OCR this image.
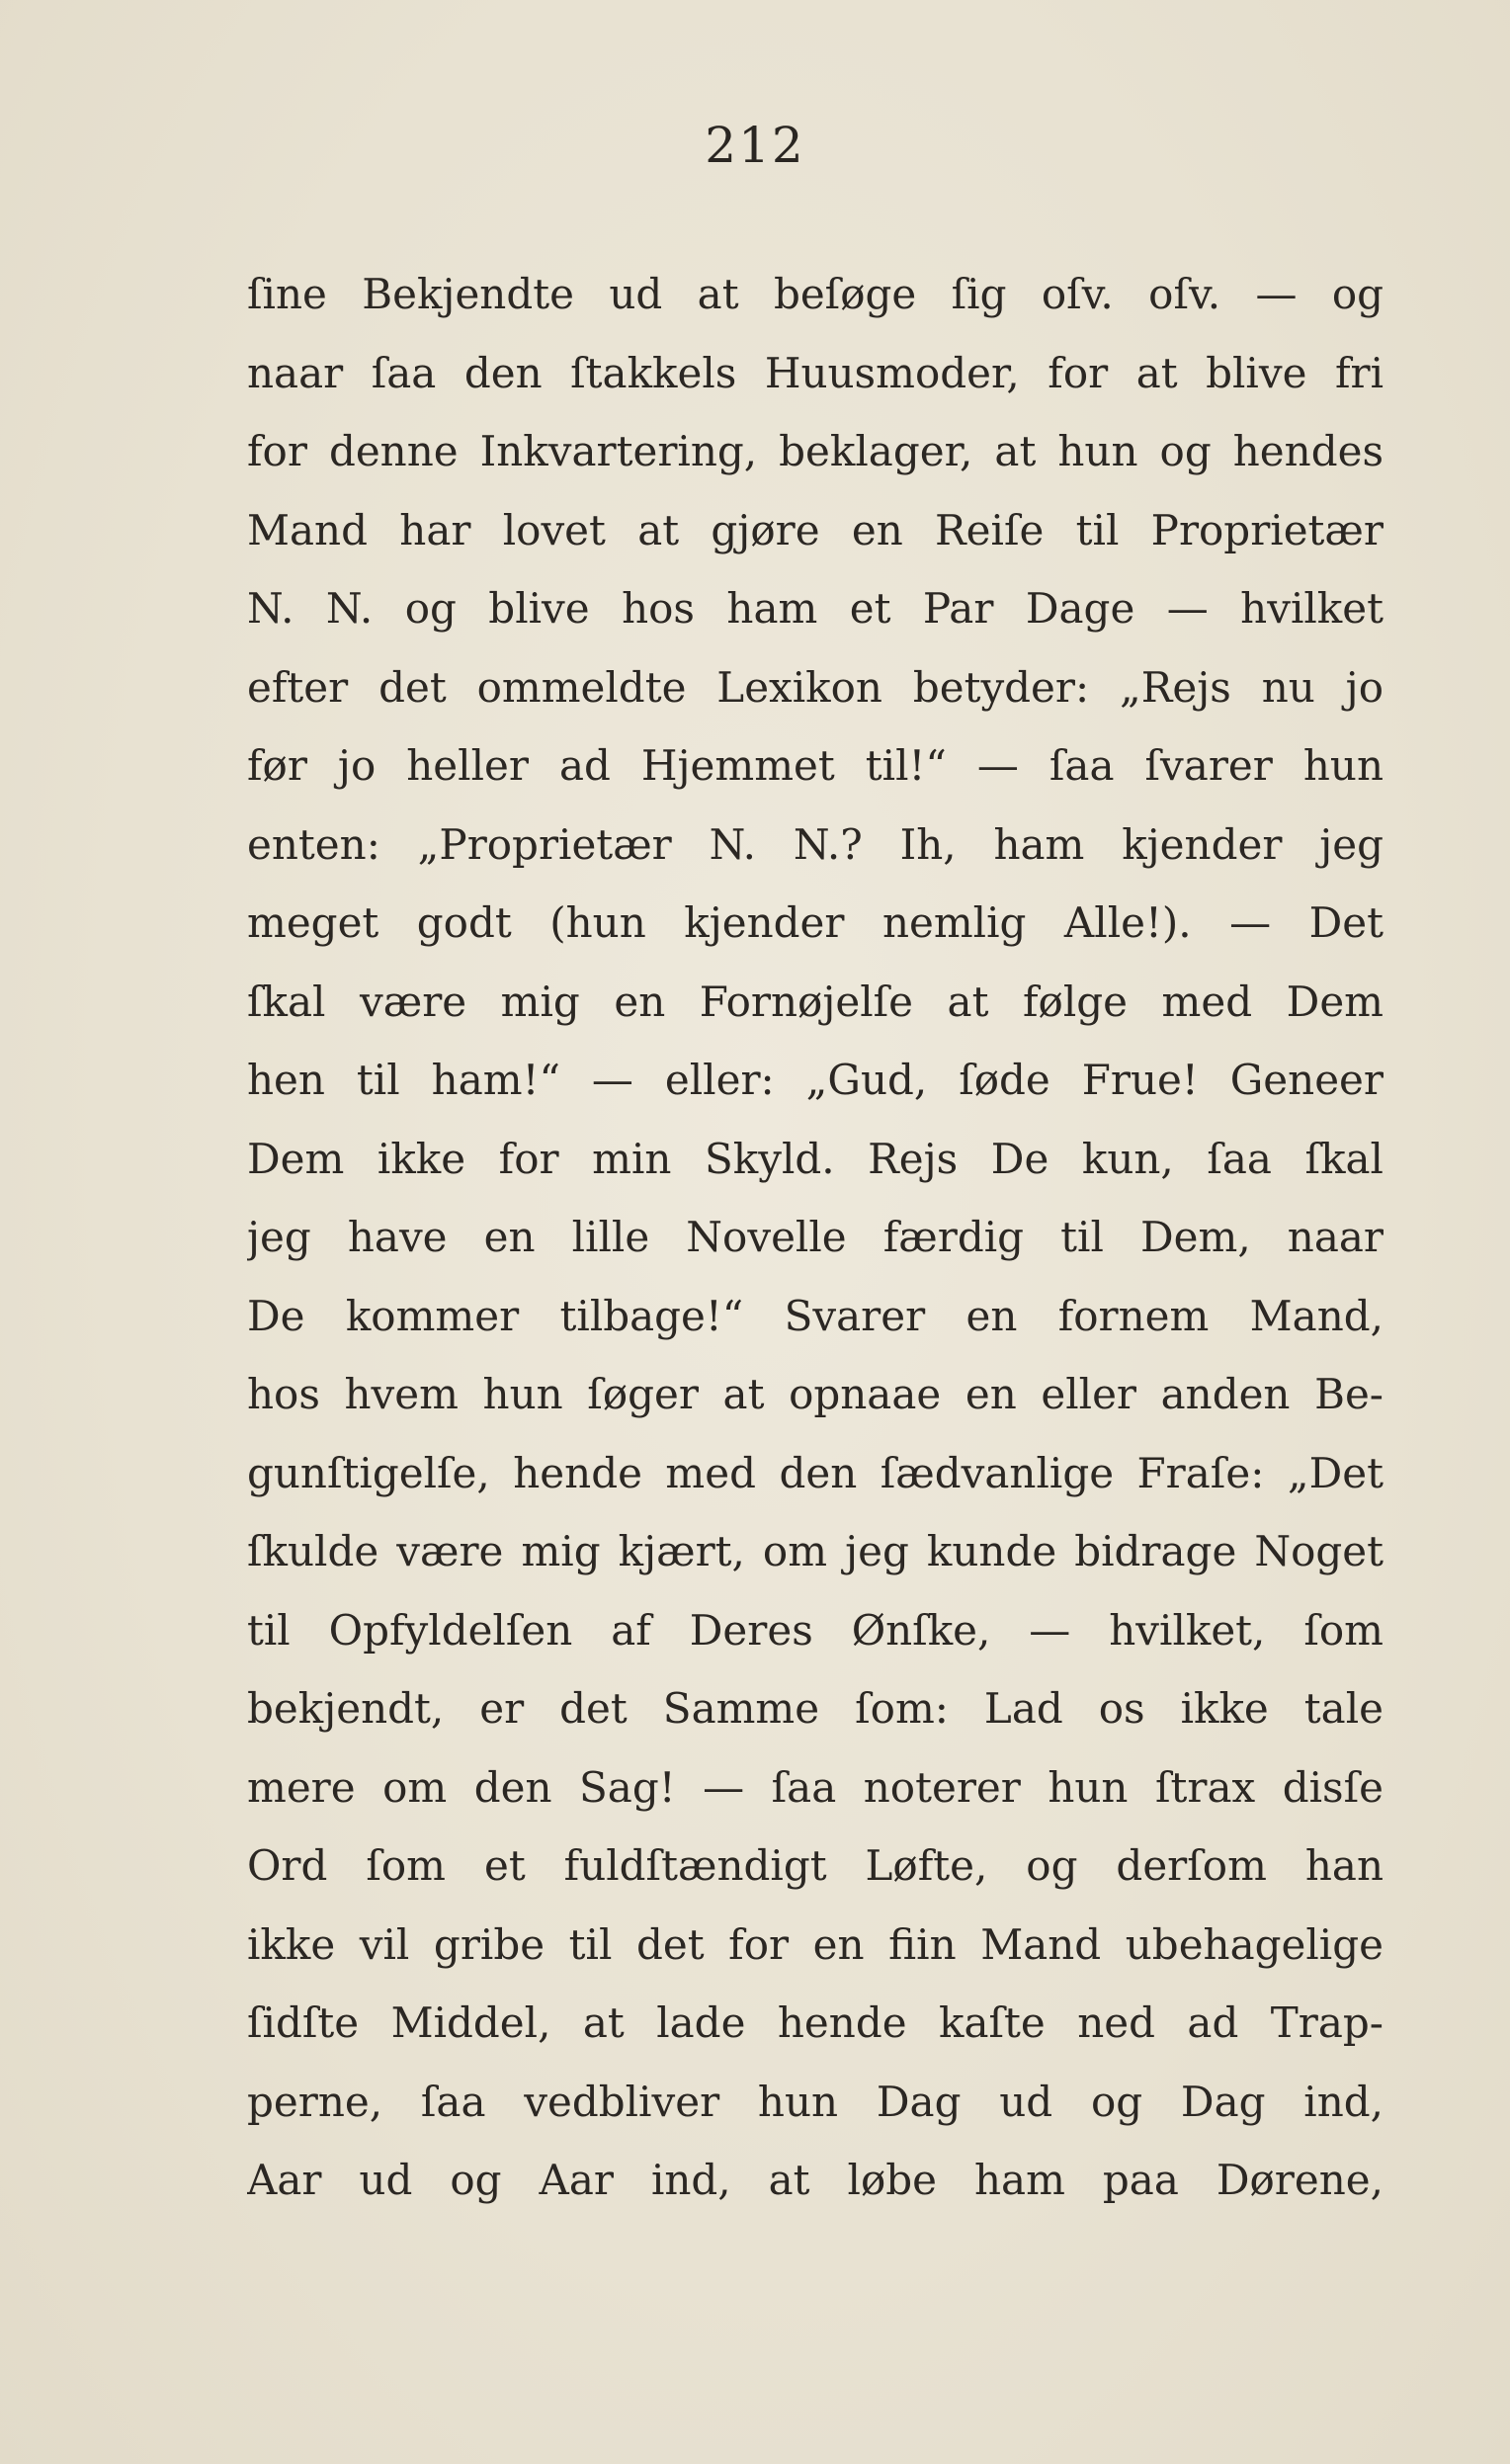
212
ſine Bekjendte ud at beſøge ſig oſv. oſv. — og
naar ſaa den ſtakkels Huusmoder, for at blive fri
for denne Inkvartering, beklager, at hun og hendes
Mand har lovet at gjøre en Reiſe til Proprietær
N. N. og blive hos ham et Par Dage — hvilket
efter det ommeldte Lexikon betyder: „Rejs nu jo
før jo heller ad Hjemmet til!“ — ſaa ſvarer hun
enten: „Proprietær N. N.? Ih, ham kjender jeg
meget godt (hun kjender nemlig Alle!). — Det
ſkal være mig en Fornøjelſe at følge med Dem
hen til ham!“ — eller: „Gud, ſøde Frue! Geneer
Dem ikke for min Skyld. Rejs De kun, ſaa ſkal
jeg have en lille Novelle færdig til Dem, naar
De kommer tilbage!“ Svarer en fornem Mand,
hos hvem hun ſøger at opnaae en eller anden Be-
gunſtigelſe, hende med den ſædvanlige Fraſe: „Det
ſkulde være mig kjært, om jeg kunde bidrage Noget
til Opfyldelſen af Deres Ønſke, — hvilket, ſom
bekjendt, er det Samme ſom: Lad os ikke tale
mere om den Sag! — ſaa noterer hun ſtrax disſe
Ord ſom et fuldſtændigt Løfte, og derſom han
ikke vil gribe til det for en fiin Mand ubehagelige
ſidſte Middel, at lade hende kaſte ned ad Trap-
perne, ſaa vedbliver hun Dag ud og Dag ind,
Aar ud og Aar ind, at løbe ham paa Dørene,
